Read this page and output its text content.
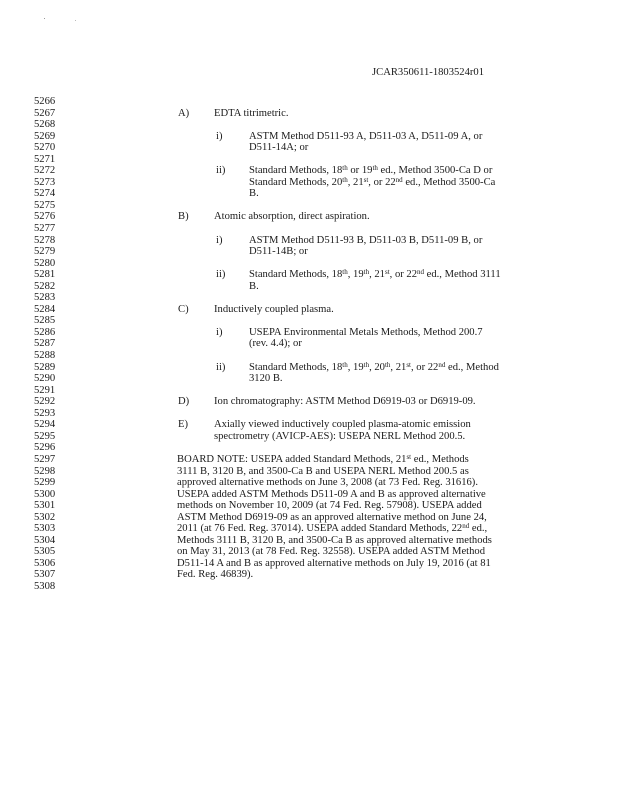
JCAR350611-1803524r01
5266
5267
5268
5269
5270
5271
5272
5273
5274
5275
5276
5277
5278
5279
5280
5281
5282
5283
5284
5285
5286
5287
5288
5289
5290
5291
5292
5293
5294
5295
5296
5297
5298
5299
5300
5301
5302
5303
5304
5305
5306
5307
5308
A) EDTA titrimetric.
i)	ASTM Method D511-93 A, D511-03 A, D511-09 A, or
D511-14A; or
ii) Standard Methods, 18th or 19th ed., Method 3500-Ca D or
Standard Methods, 20th, 21st, or 22nd ed., Method 3500-Ca
B.
B) Atomic absorption, direct aspiration.
i)	ASTM Method D511-93 B, D511-03 B, D511-09 B, or
D511-14B; or
ii) Standard Methods, 18th, 19th, 21st, or 22nd ed., Method 3111
B.
C) Inductively coupled plasma.
i)	USEPA Environmental Metals Methods, Method 200.7
(rev. 4.4); or
ii) Standard Methods, 18th, 19th, 20th, 21st, or 22nd ed., Method
3120 B.
D) Ion chromatography: ASTM Method D6919-03 or D6919-09.
E) Axially viewed inductively coupled plasma-atomic emission
spectrometry (AVICP-AES): USEPA NERL Method 200.5.
BOARD NOTE: USEPA added Standard Methods, 21st ed., Methods
3111 B, 3120 B, and 3500-Ca B and USEPA NERL Method 200.5 as
approved alternative methods on June 3, 2008 (at 73 Fed. Reg. 31616).
USEPA added ASTM Methods D511-09 A and B as approved alternative
methods on November 10, 2009 (at 74 Fed. Reg. 57908). USEPA added
ASTM Method D6919-09 as an approved alternative method on June 24,
2011 (at 76 Fed. Reg. 37014). USEPA added Standard Methods, 22nd ed.,
Methods 3111 B, 3120 B, and 3500-Ca B as approved alternative methods
on May 31, 2013 (at 78 Fed. Reg. 32558). USEPA added ASTM Method
D511-14 A and B as approved alternative methods on July 19, 2016 (at 81
Fed. Reg. 46839).
